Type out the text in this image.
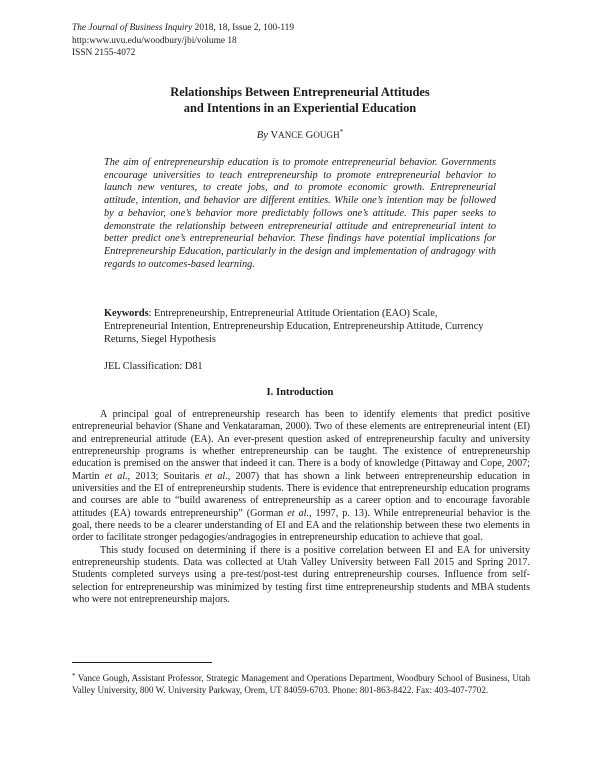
The Journal of Business Inquiry 2018, 18, Issue 2, 100-119
http:www.uvu.edu/woodbury/jbi/volume 18
ISSN 2155-4072
Relationships Between Entrepreneurial Attitudes
and Intentions in an Experiential Education
By VANCE GOUGH*
The aim of entrepreneurship education is to promote entrepreneurial behavior. Governments encourage universities to teach entrepreneurship to promote entrepreneurial behavior to launch new ventures, to create jobs, and to promote economic growth. Entrepreneurial attitude, intention, and behavior are different entities. While one’s intention may be followed by a behavior, one’s behavior more predictably follows one’s attitude. This paper seeks to demonstrate the relationship between entrepreneurial attitude and entrepreneurial intent to better predict one’s entrepreneurial behavior. These findings have potential implications for Entrepreneurship Education, particularly in the design and implementation of andragogy with regards to outcomes-based learning.
Keywords: Entrepreneurship, Entrepreneurial Attitude Orientation (EAO) Scale, Entrepreneurial Intention, Entrepreneurship Education, Entrepreneurship Attitude, Currency Returns, Siegel Hypothesis
JEL Classification: D81
I. Introduction

A principal goal of entrepreneurship research has been to identify elements that predict positive entrepreneurial behavior (Shane and Venkataraman, 2000). Two of these elements are entrepreneurial intent (EI) and entrepreneurial attitude (EA). An ever-present question asked of entrepreneurship faculty and university entrepreneurship programs is whether entrepreneurship can be taught. The existence of entrepreneurship education is premised on the answer that indeed it can. There is a body of knowledge (Pittaway and Cope, 2007; Martin et al., 2013; Souitaris et al., 2007) that has shown a link between entrepreneurship education in universities and the EI of entrepreneurship students. There is evidence that entrepreneurship education programs and courses are able to “build awareness of entrepreneurship as a career option and to encourage favorable attitudes (EA) towards entrepreneurship” (Gorman et al., 1997, p. 13). While entrepreneurial behavior is the goal, there needs to be a clearer understanding of EI and EA and the relationship between these two elements in order to facilitate stronger pedagogies/andragogies in entrepreneurship education to achieve that goal.

This study focused on determining if there is a positive correlation between EI and EA for university entrepreneurship students. Data was collected at Utah Valley University between Fall 2015 and Spring 2017. Students completed surveys using a pre-test/post-test during entrepreneurship courses. Influence from self-selection for entrepreneurship was minimized by testing first time entrepreneurship students and MBA students who were not entrepreneurship majors.

* Vance Gough, Assistant Professor, Strategic Management and Operations Department, Woodbury School of Business, Utah Valley University, 800 W. University Parkway, Orem, UT 84059-6703. Phone: 801-863-8422. Fax: 403-407-7702.
